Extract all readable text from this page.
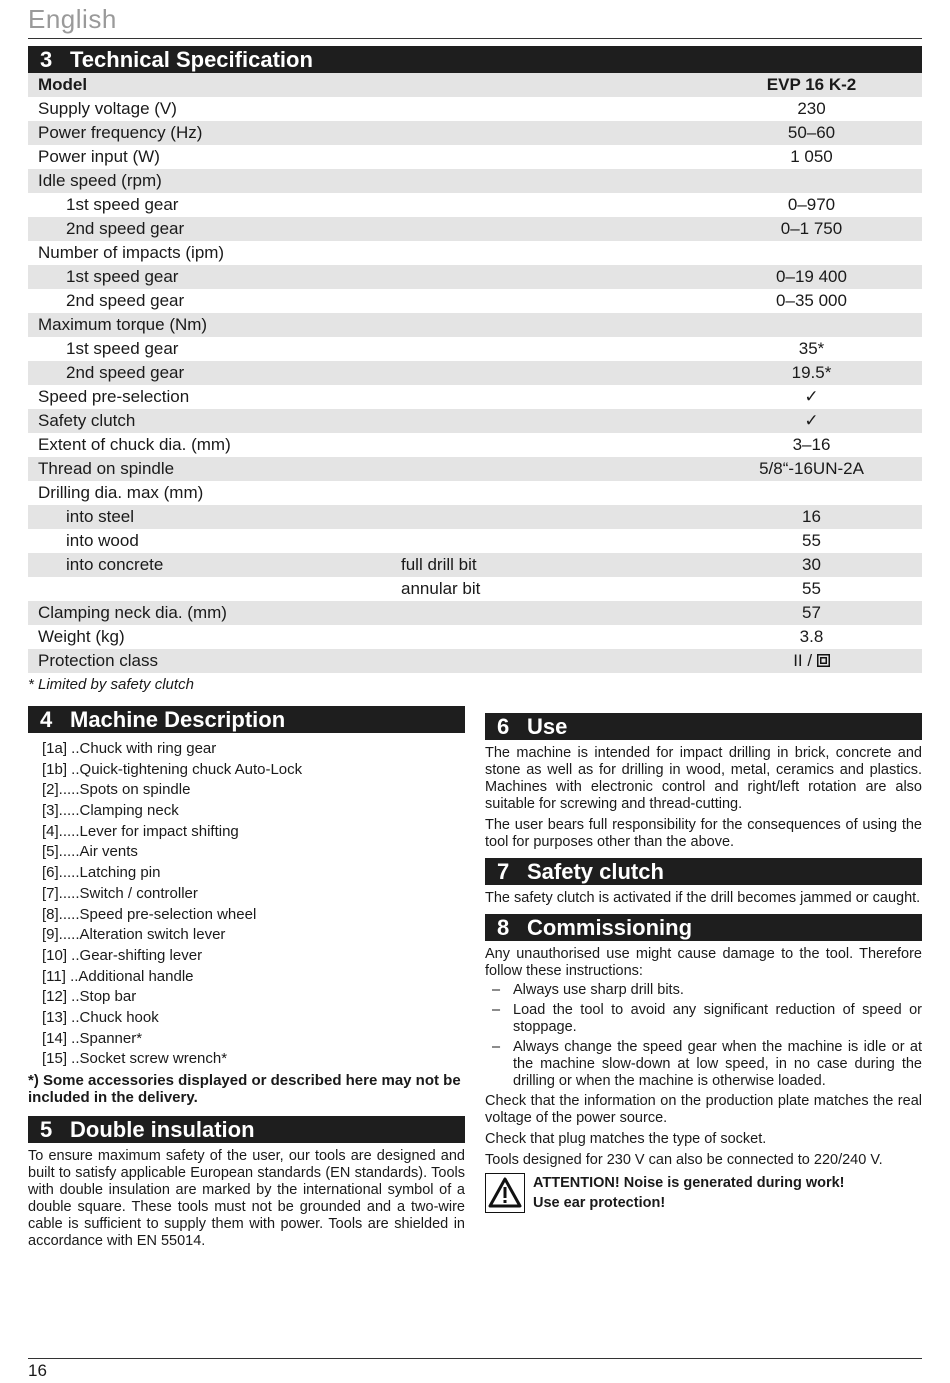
English
3 Technical Specification
Model		EVP 16 K-2
Supply voltage (V)		230
Power frequency (Hz)		50–60
Power input (W)		1 050
Idle speed (rpm)		
1st speed gear		0–970
2nd speed gear		0–1 750
Number of impacts (ipm)		
1st speed gear		0–19 400
2nd speed gear		0–35 000
Maximum torque (Nm)		
1st speed gear		35*
2nd speed gear		19.5*
Speed pre-selection		✓
Safety clutch		✓
Extent of chuck dia. (mm)		3–16
Thread on spindle		5/8“-16UN-2A
Drilling dia. max (mm)		
into steel		16
into wood		55
into concrete	full drill bit	30
	annular bit	55
Clamping neck dia. (mm)		57
Weight (kg)		3.8
Protection class		II /
* Limited by safety clutch
4 Machine Description
[1a] ..Chuck with ring gear
[1b] ..Quick-tightening chuck Auto-Lock
[2].....Spots on spindle
[3].....Clamping neck
[4].....Lever for impact shifting
[5].....Air vents
[6].....Latching pin
[7].....Switch / controller
[8].....Speed pre-selection wheel
[9].....Alteration switch lever
[10] ..Gear-shifting lever
[11] ..Additional handle
[12] ..Stop bar
[13] ..Chuck hook
[14] ..Spanner*
[15] ..Socket screw wrench*
*) Some accessories displayed or described here may not be included in the delivery.
5 Double insulation

To ensure maximum safety of the user, our tools are designed and built to satisfy applicable European standards (EN standards). Tools with double insulation are marked by the international symbol of a double square. These tools must not be grounded and a two-wire cable is sufficient to supply them with power. Tools are shielded in accordance with EN 55014.

6 Use

The machine is intended for impact drilling in brick, concrete and stone as well as for drilling in wood, metal, ceramics and plastics. Machines with electronic control and right/left rotation are also suitable for screwing and thread-cutting.

The user bears full responsibility for the consequences of using the tool for purposes other than the above.

7 Safety clutch

The safety clutch is activated if the drill becomes jammed or caught.

8 Commissioning

Any unauthorised use might cause damage to the tool. Therefore follow these instructions:

– Always use sharp drill bits.
– Load the tool to avoid any significant reduction of speed or stoppage.
– Always change the speed gear when the machine is idle or at the machine slow-down at low speed, in no case during the drilling or when the machine is otherwise loaded.

Check that the information on the production plate matches the real voltage of the power source.

Check that plug matches the type of socket.

Tools designed for 230 V can also be connected to 220/240 V.

ATTENTION! Noise is generated during work!
Use ear protection!
16
